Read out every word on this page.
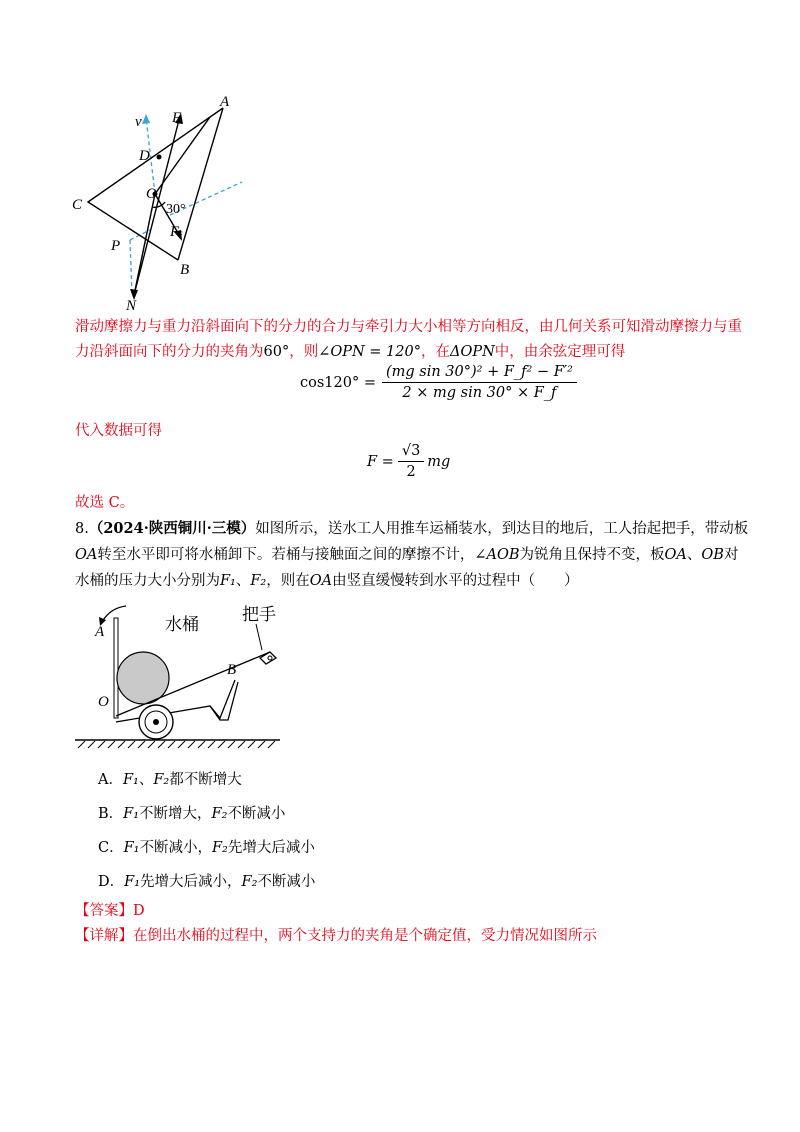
v F
A
D
O
C	30°
$F_f$
P
B
N
滑动摩擦力与重力沿斜面向下的分力的合力与牵引力大小相等方向相反，由几何关系可知滑动摩擦力与重
力沿斜面向下的分力的夹角为60°，则∠OPN = 120°，在ΔOPN中，由余弦定理可得
$\cos 120^\circ = \frac{\text{(mg sin 30°)² + F\_f² − F′²}}{\text{2 × mg sin 30° × F\_f}}$
代入数据可得
$F = \frac{√3}{2}$ mg
故选 C。
8.（2024·陕西铜川·三模）如图所示，送水工人用推车运桶装水，到达目的地后，工人抬起把手，带动板
OA转至水平即可将水桶卸下。若桶与接触面之间的摩擦不计，∠AOB为锐角且保持不变，板OA、OB对
水桶的压力大小分别为F₁、F₂，则在OA由竖直缓慢转到水平的过程中（　　）
A	水桶
把手
B
O
A．F₁、F₂都不断增大
B．F₁不断增大，F₂不断减小
C．F₁不断减小，F₂先增大后减小
D．F₁先增大后减小，F₂不断减小
【答案】D
【详解】在倒出水桶的过程中，两个支持力的夹角是个确定值，受力情况如图所示
